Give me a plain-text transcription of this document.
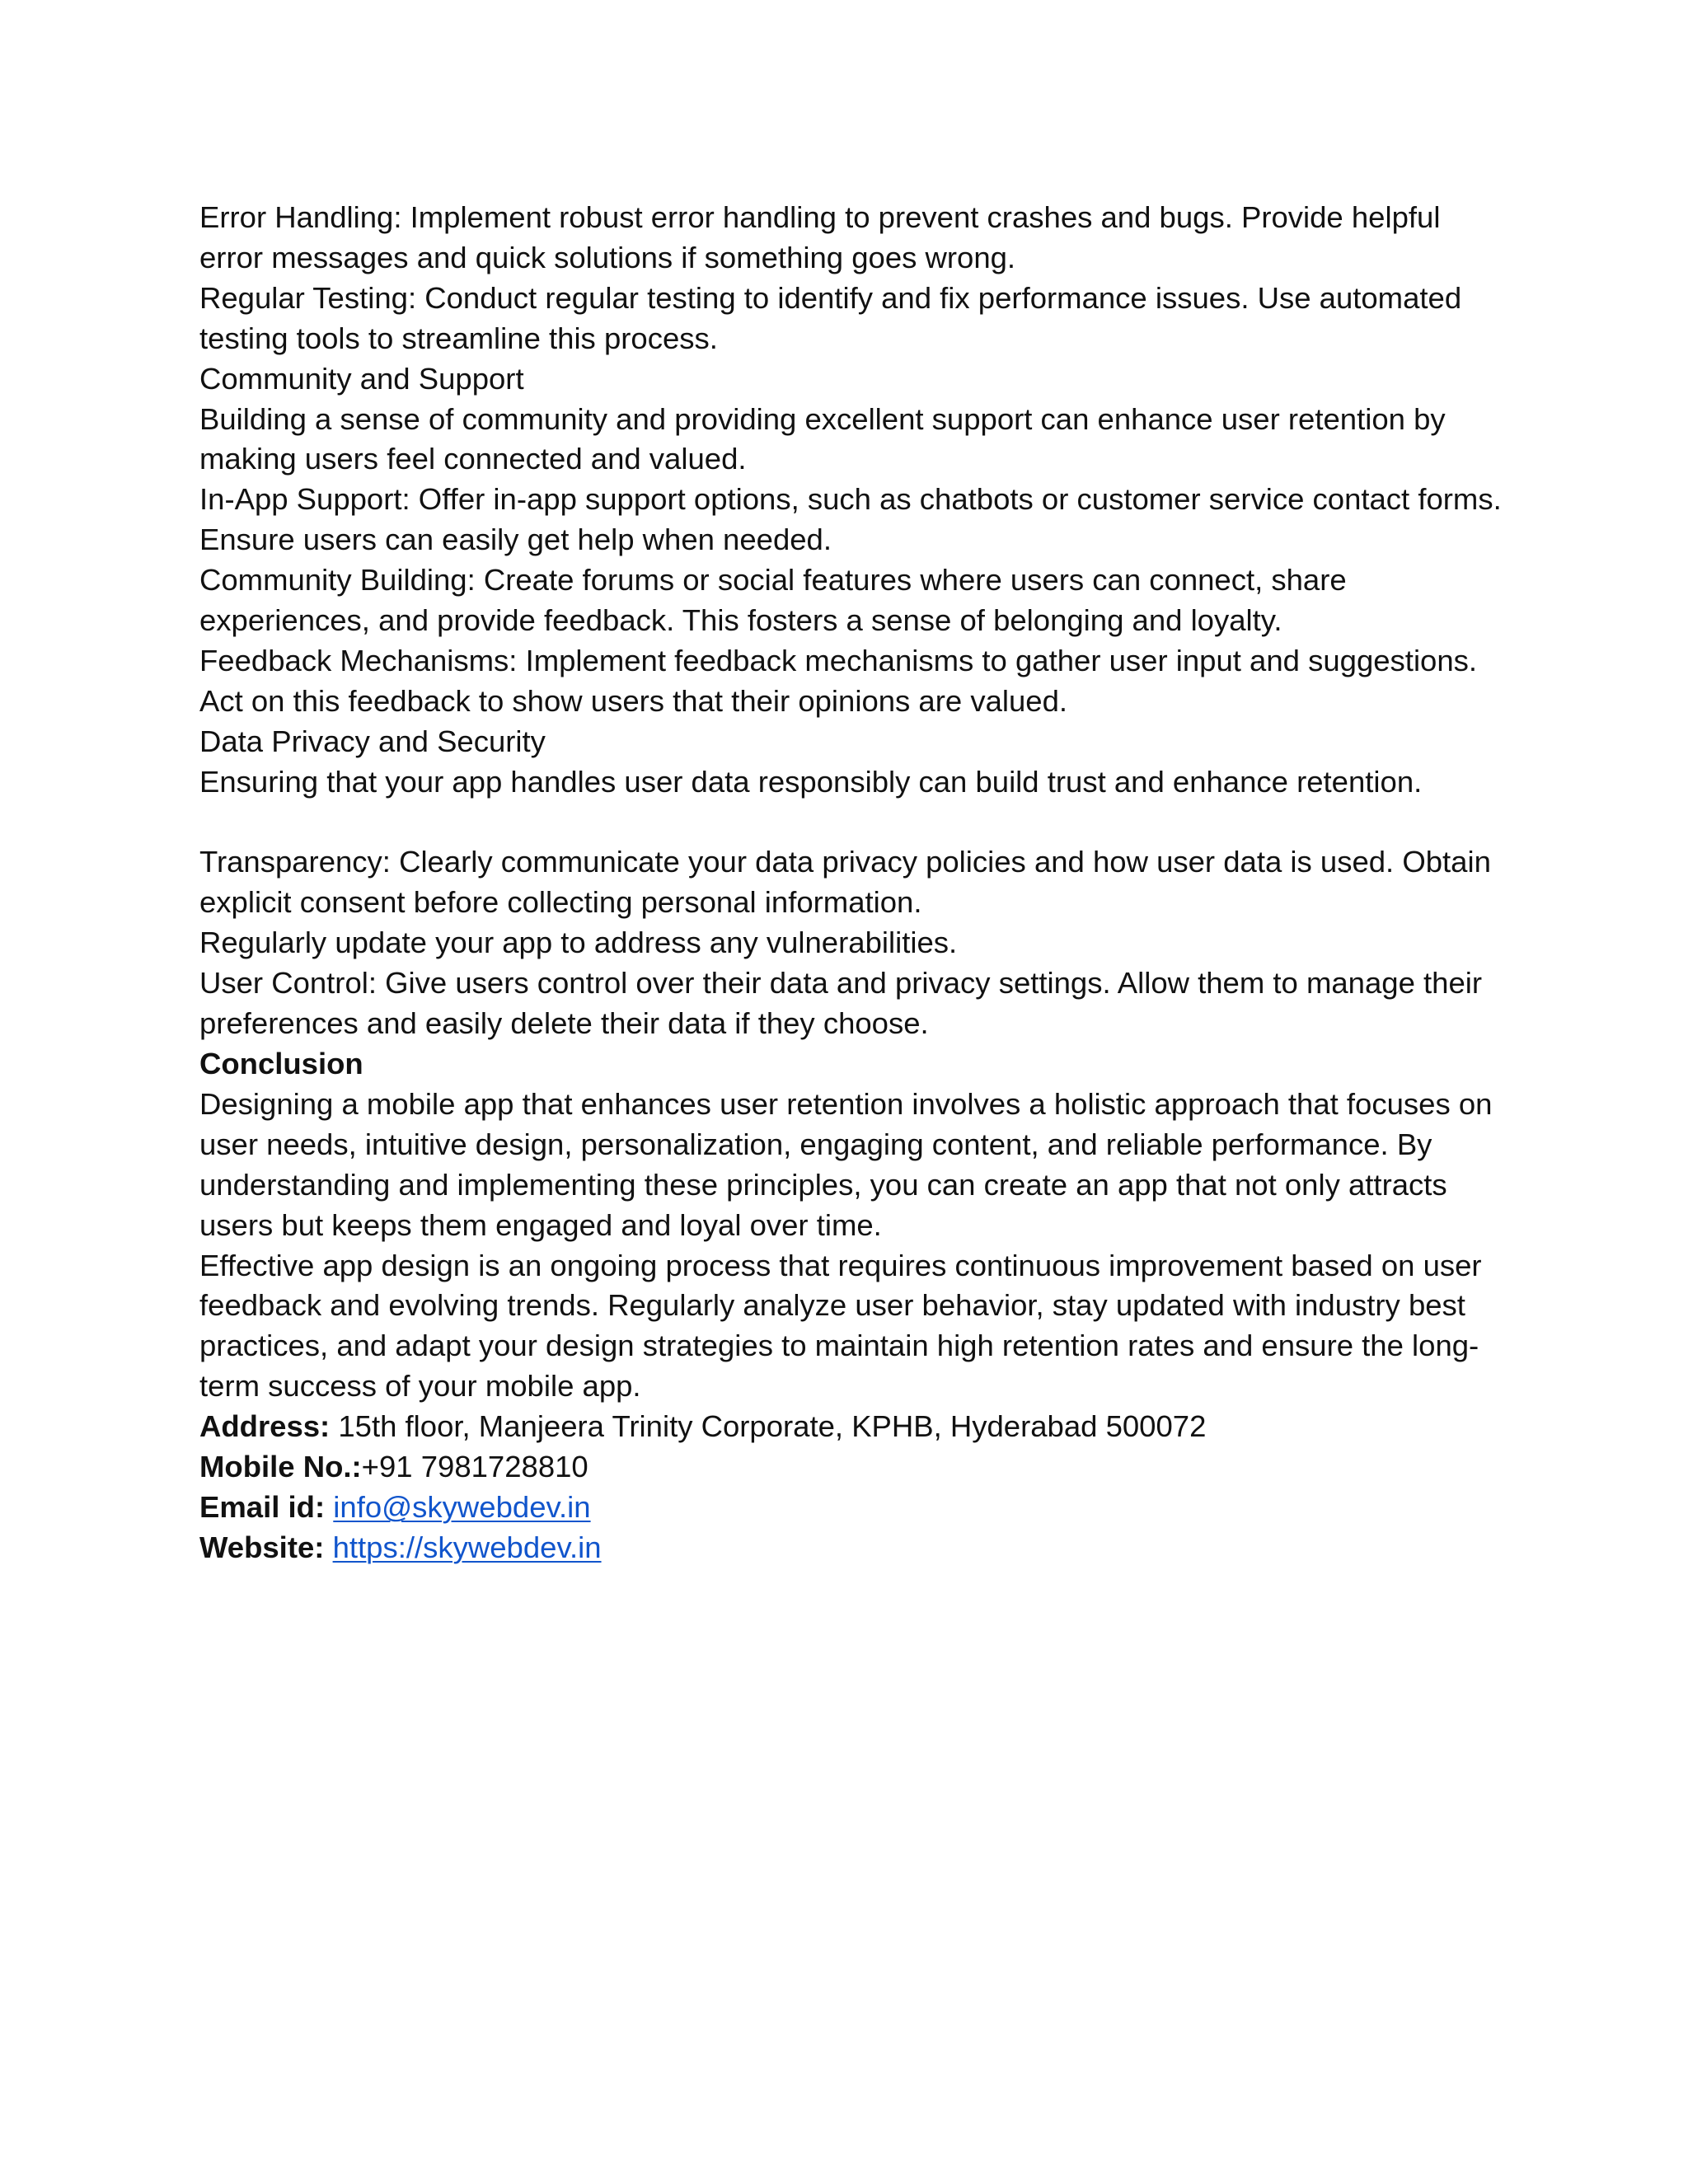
Error Handling: Implement robust error handling to prevent crashes and bugs. Provide helpful error messages and quick solutions if something goes wrong.

Regular Testing: Conduct regular testing to identify and fix performance issues. Use automated testing tools to streamline this process.

Community and Support

Building a sense of community and providing excellent support can enhance user retention by making users feel connected and valued.

In-App Support: Offer in-app support options, such as chatbots or customer service contact forms. Ensure users can easily get help when needed.

Community Building: Create forums or social features where users can connect, share experiences, and provide feedback. This fosters a sense of belonging and loyalty.

Feedback Mechanisms: Implement feedback mechanisms to gather user input and suggestions. Act on this feedback to show users that their opinions are valued.

Data Privacy and Security

Ensuring that your app handles user data responsibly can build trust and enhance retention.

Transparency: Clearly communicate your data privacy policies and how user data is used. Obtain explicit consent before collecting personal information.

Regularly update your app to address any vulnerabilities.

User Control: Give users control over their data and privacy settings. Allow them to manage their preferences and easily delete their data if they choose.

Conclusion

Designing a mobile app that enhances user retention involves a holistic approach that focuses on user needs, intuitive design, personalization, engaging content, and reliable performance. By understanding and implementing these principles, you can create an app that not only attracts users but keeps them engaged and loyal over time.

Effective app design is an ongoing process that requires continuous improvement based on user feedback and evolving trends. Regularly analyze user behavior, stay updated with industry best practices, and adapt your design strategies to maintain high retention rates and ensure the long-term success of your mobile app.

Address: 15th floor, Manjeera Trinity Corporate, KPHB, Hyderabad 500072

Mobile No.:+91 7981728810

Email id: info@skywebdev.in

Website: https://skywebdev.in
